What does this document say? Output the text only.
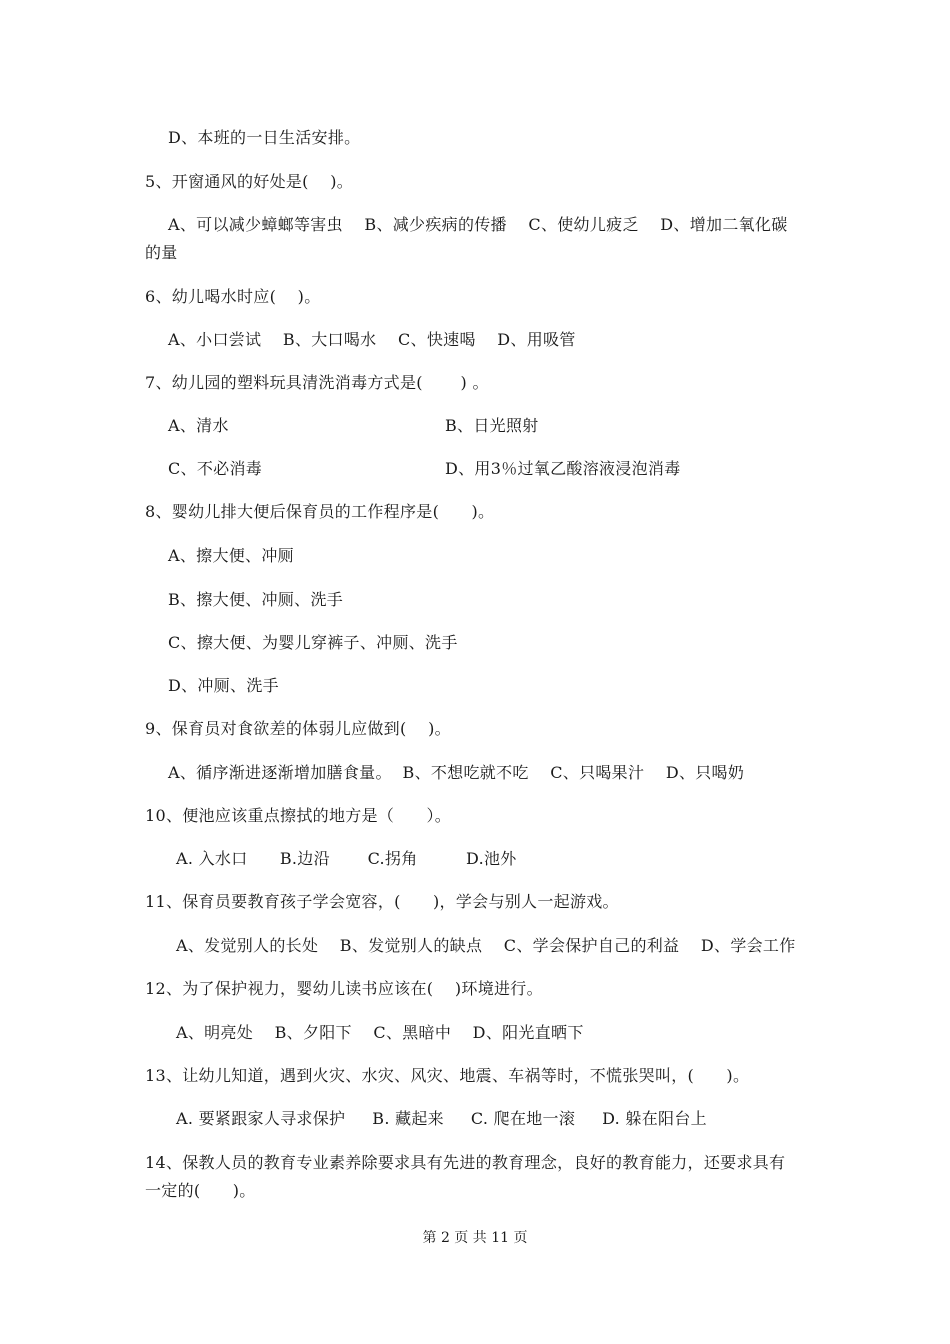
D、本班的一日生活安排。
5、开窗通风的好处是(    )。
A、可以减少蟑螂等害虫    B、减少疾病的传播    C、使幼儿疲乏    D、增加二氧化碳
的量
6、幼儿喝水时应(    )。
A、小口尝试    B、大口喝水    C、快速喝    D、用吸管
7、幼儿园的塑料玩具清洗消毒方式是(       ) 。
A、清水	B、日光照射
C、不必消毒	D、用3％过氧乙酸溶液浸泡消毒
8、婴幼儿排大便后保育员的工作程序是(      )。
A、擦大便、冲厕
B、擦大便、冲厕、洗手
C、擦大便、为婴儿穿裤子、冲厕、洗手
D、冲厕、洗手
9、保育员对食欲差的体弱儿应做到(    )。
A、循序渐进逐渐增加膳食量。  B、不想吃就不吃    C、只喝果汁    D、只喝奶
10、便池应该重点擦拭的地方是（      ）。
A. 入水口      B.边沿       C.拐角         D.池外
11、保育员要教育孩子学会宽容，(      )，学会与别人一起游戏。
A、发觉别人的长处    B、发觉别人的缺点    C、学会保护自己的利益    D、学会工作
12、为了保护视力，婴幼儿读书应该在(    )环境进行。
A、明亮处    B、夕阳下    C、黑暗中    D、阳光直晒下
13、让幼儿知道，遇到火灾、水灾、风灾、地震、车祸等时，不慌张哭叫，(      )。
A. 要紧跟家人寻求保护     B. 藏起来     C. 爬在地一滚     D. 躲在阳台上
14、保教人员的教育专业素养除要求具有先进的教育理念，良好的教育能力，还要求具有
一定的(      )。
第 2 页 共 11 页
